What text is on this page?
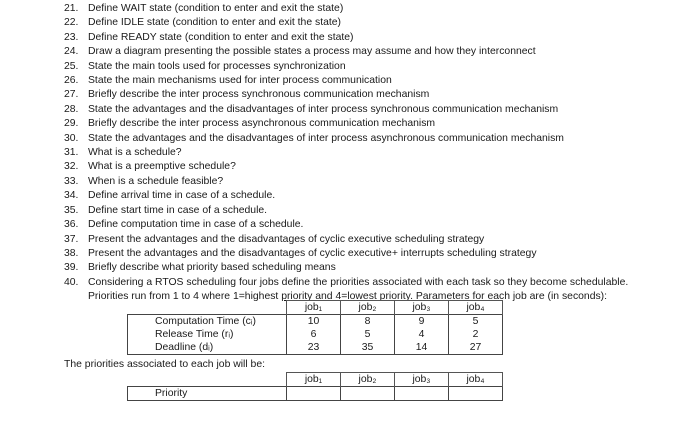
21. Define WAIT state (condition to enter and exit the state)
22. Define IDLE state (condition to enter and exit the state)
23. Define READY state (condition to enter and exit the state)
24. Draw a diagram presenting the possible states a process may assume and how they interconnect
25. State the main tools used for processes synchronization
26. State the main mechanisms used for inter process communication
27. Briefly describe the inter process synchronous communication mechanism
28. State the advantages and the disadvantages of inter process synchronous communication mechanism
29. Briefly describe the inter process asynchronous communication mechanism
30. State the advantages and the disadvantages of inter process asynchronous communication mechanism
31. What is a schedule?
32. What is a preemptive schedule?
33. When is a schedule feasible?
34. Define arrival time in case of a schedule.
35. Define start time in case of a schedule.
36. Define computation time in case of a schedule.
37. Present the advantages and the disadvantages of cyclic executive scheduling strategy
38. Present the advantages and the disadvantages of cyclic executive+ interrupts scheduling strategy
39. Briefly describe what priority based scheduling means
40. Considering a RTOS scheduling four jobs define the priorities associated with each task so they become schedulable.
Priorities run from 1 to 4 where 1=highest priority and 4=lowest priority. Parameters for each job are (in seconds):
	job₁	job₂	job₃	job₄
Computation Time (cᵢ)	10	8	9	5
Release Time (rᵢ)	6	5	4	2
Deadline (dᵢ)	23	35	14	27
The priorities associated to each job will be:
	job₁	job₂	job₃	job₄
Priority				
